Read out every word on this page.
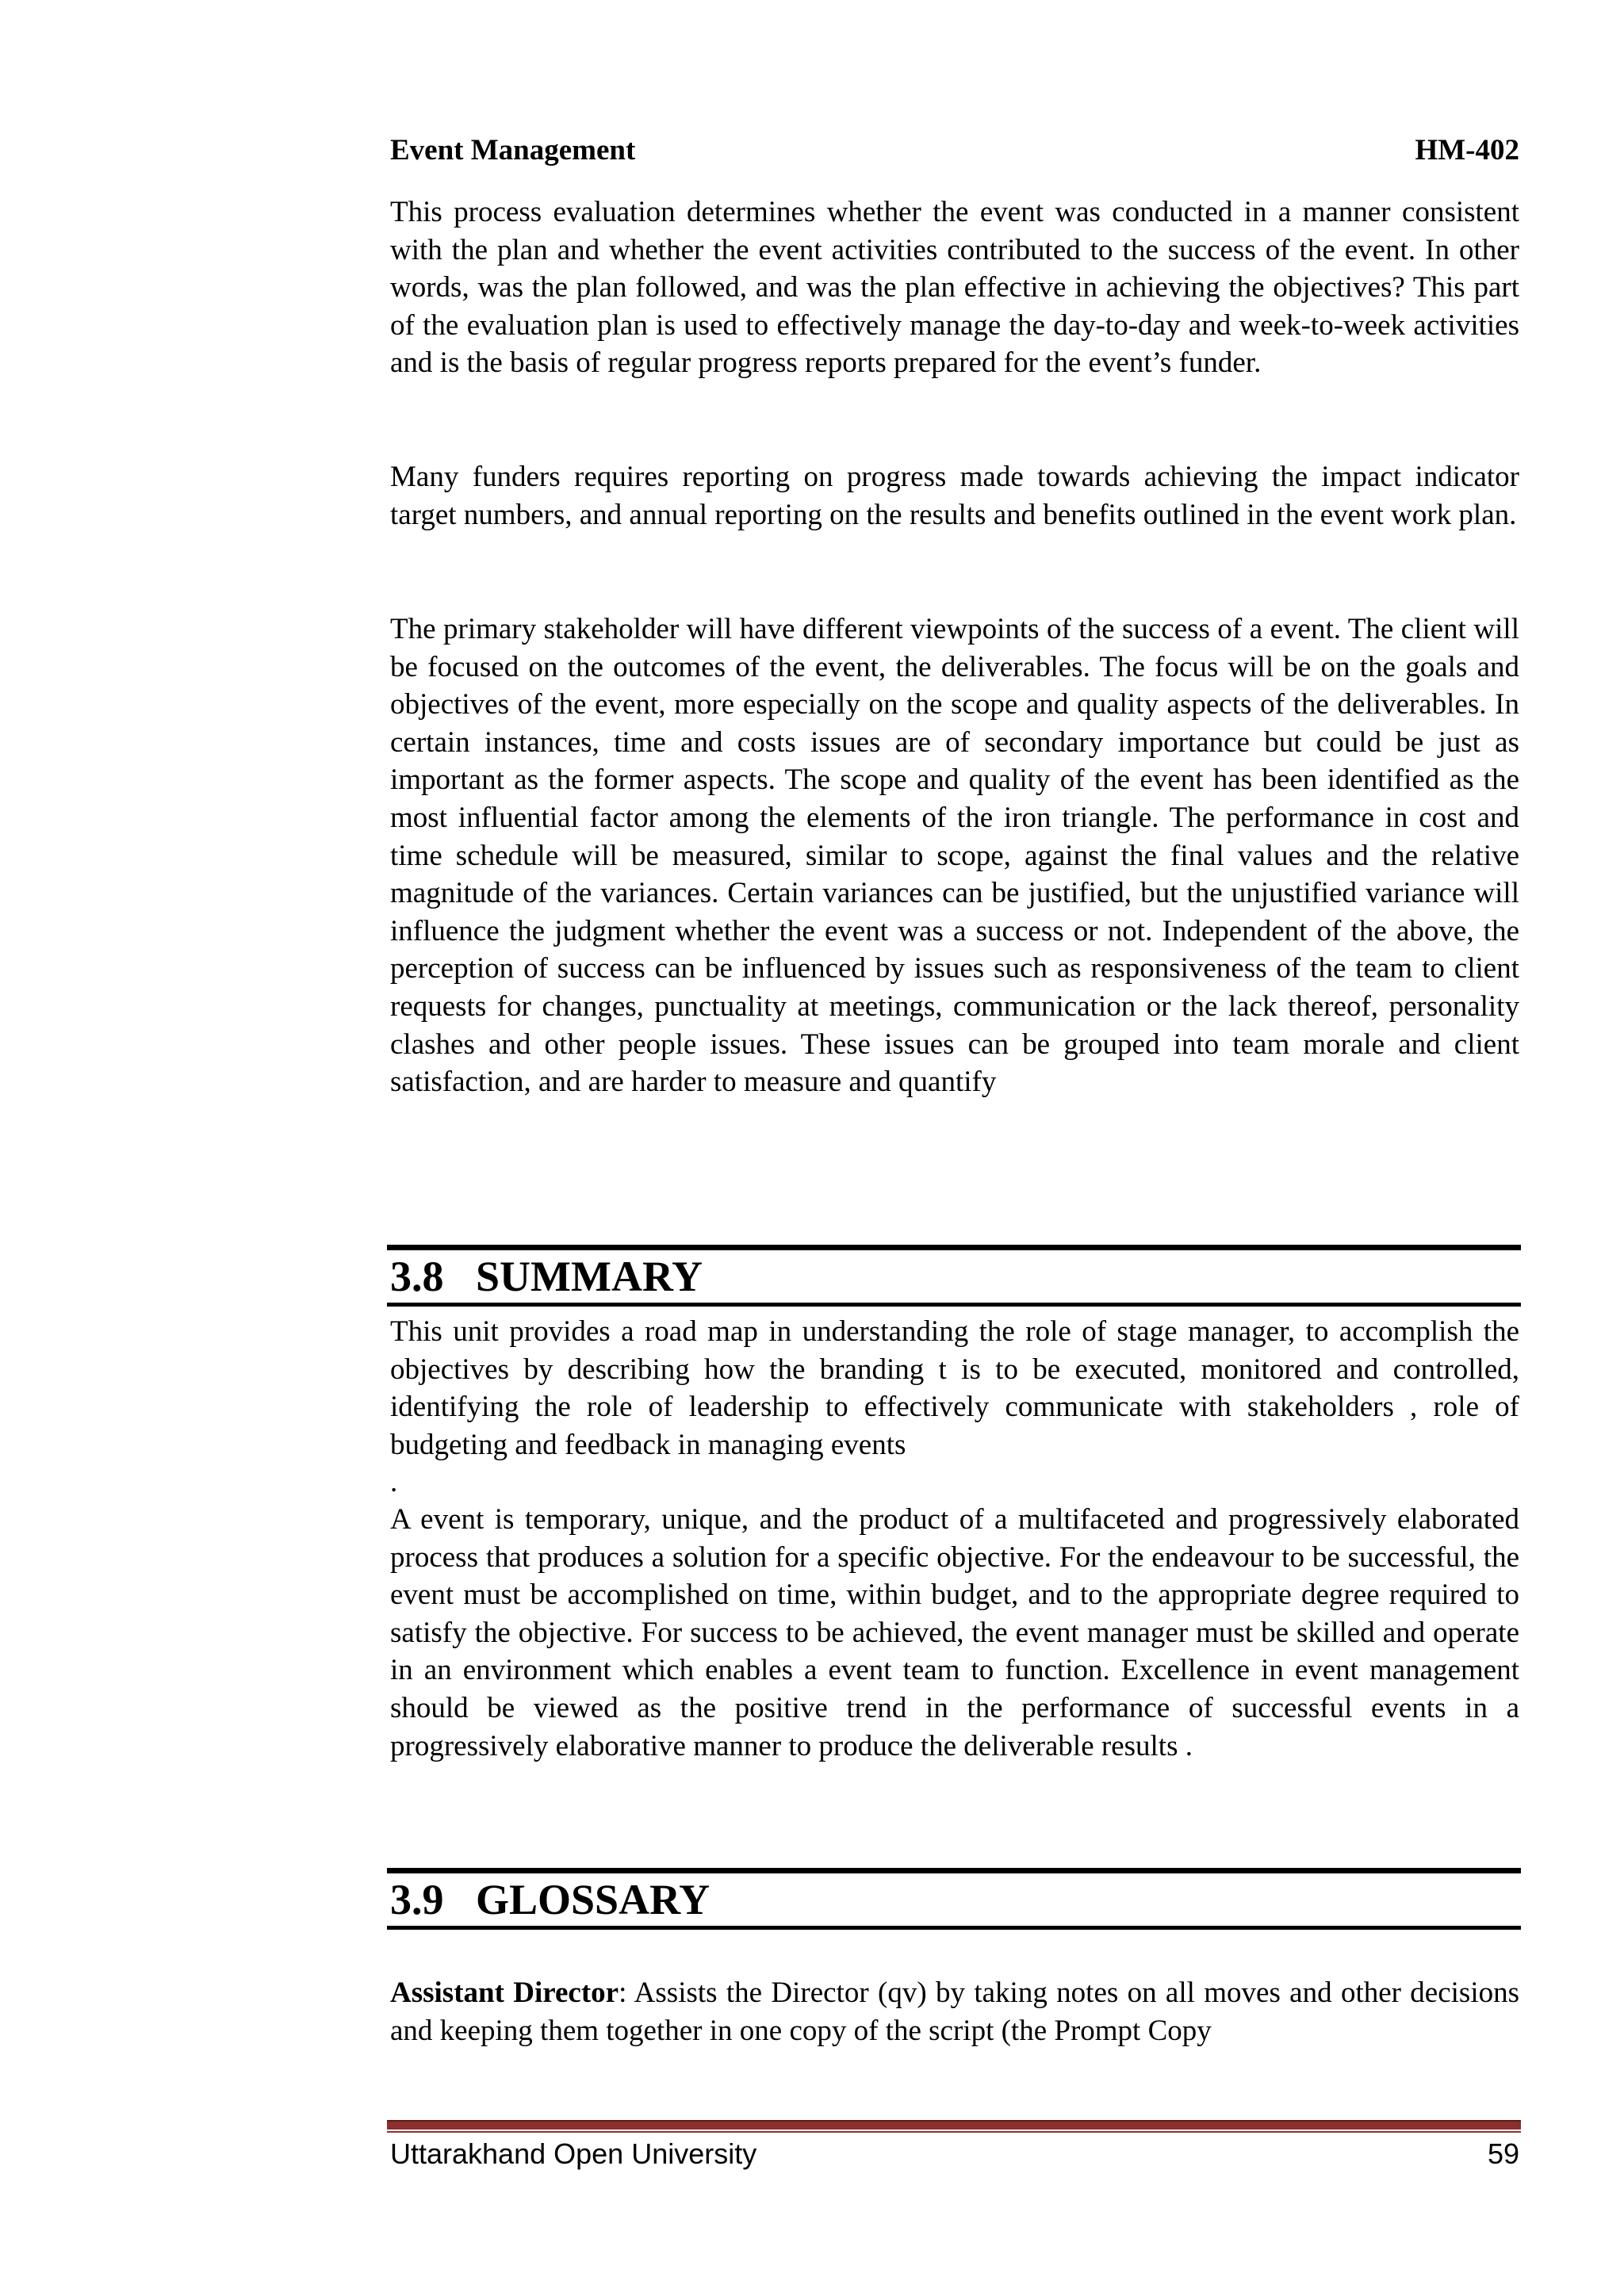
Event Management	HM-402

This process evaluation determines whether the event was conducted in a manner consistent with the plan and whether the event activities contributed to the success of the event. In other words, was the plan followed, and was the plan effective in achieving the objectives? This part of the evaluation plan is used to effectively manage the day-to-day and week-to-week activities and is the basis of regular progress reports prepared for the event’s funder.

Many funders requires reporting on progress made towards achieving the impact indicator target numbers, and annual reporting on the results and benefits outlined in the event work plan.

The primary stakeholder will have different viewpoints of the success of a event. The client will be focused on the outcomes of the event, the deliverables. The focus will be on the goals and objectives of the event, more especially on the scope and quality aspects of the deliverables. In certain instances, time and costs issues are of secondary importance but could be just as important as the former aspects. The scope and quality of the event has been identified as the most influential factor among the elements of the iron triangle. The performance in cost and time schedule will be measured, similar to scope, against the final values and the relative magnitude of the variances. Certain variances can be justified, but the unjustified variance will influence the judgment whether the event was a success or not. Independent of the above, the perception of success can be influenced by issues such as responsiveness of the team to client requests for changes, punctuality at meetings, communication or the lack thereof, personality clashes and other people issues. These issues can be grouped into team morale and client satisfaction, and are harder to measure and quantify

3.8 SUMMARY

This unit provides a road map in understanding the role of stage manager, to accomplish the objectives by describing how the branding t is to be executed, monitored and controlled, identifying the role of leadership to effectively communicate with stakeholders , role of budgeting and feedback in managing events

.

A event is temporary, unique, and the product of a multifaceted and progressively elaborated process that produces a solution for a specific objective. For the endeavour to be successful, the event must be accomplished on time, within budget, and to the appropriate degree required to satisfy the objective. For success to be achieved, the event manager must be skilled and operate in an environment which enables a event team to function. Excellence in event management should be viewed as the positive trend in the performance of successful events in a progressively elaborative manner to produce the deliverable results .

3.9 GLOSSARY

Assistant Director: Assists the Director (qv) by taking notes on all moves and other decisions and keeping them together in one copy of the script (the Prompt Copy

Uttarakhand Open University	59
